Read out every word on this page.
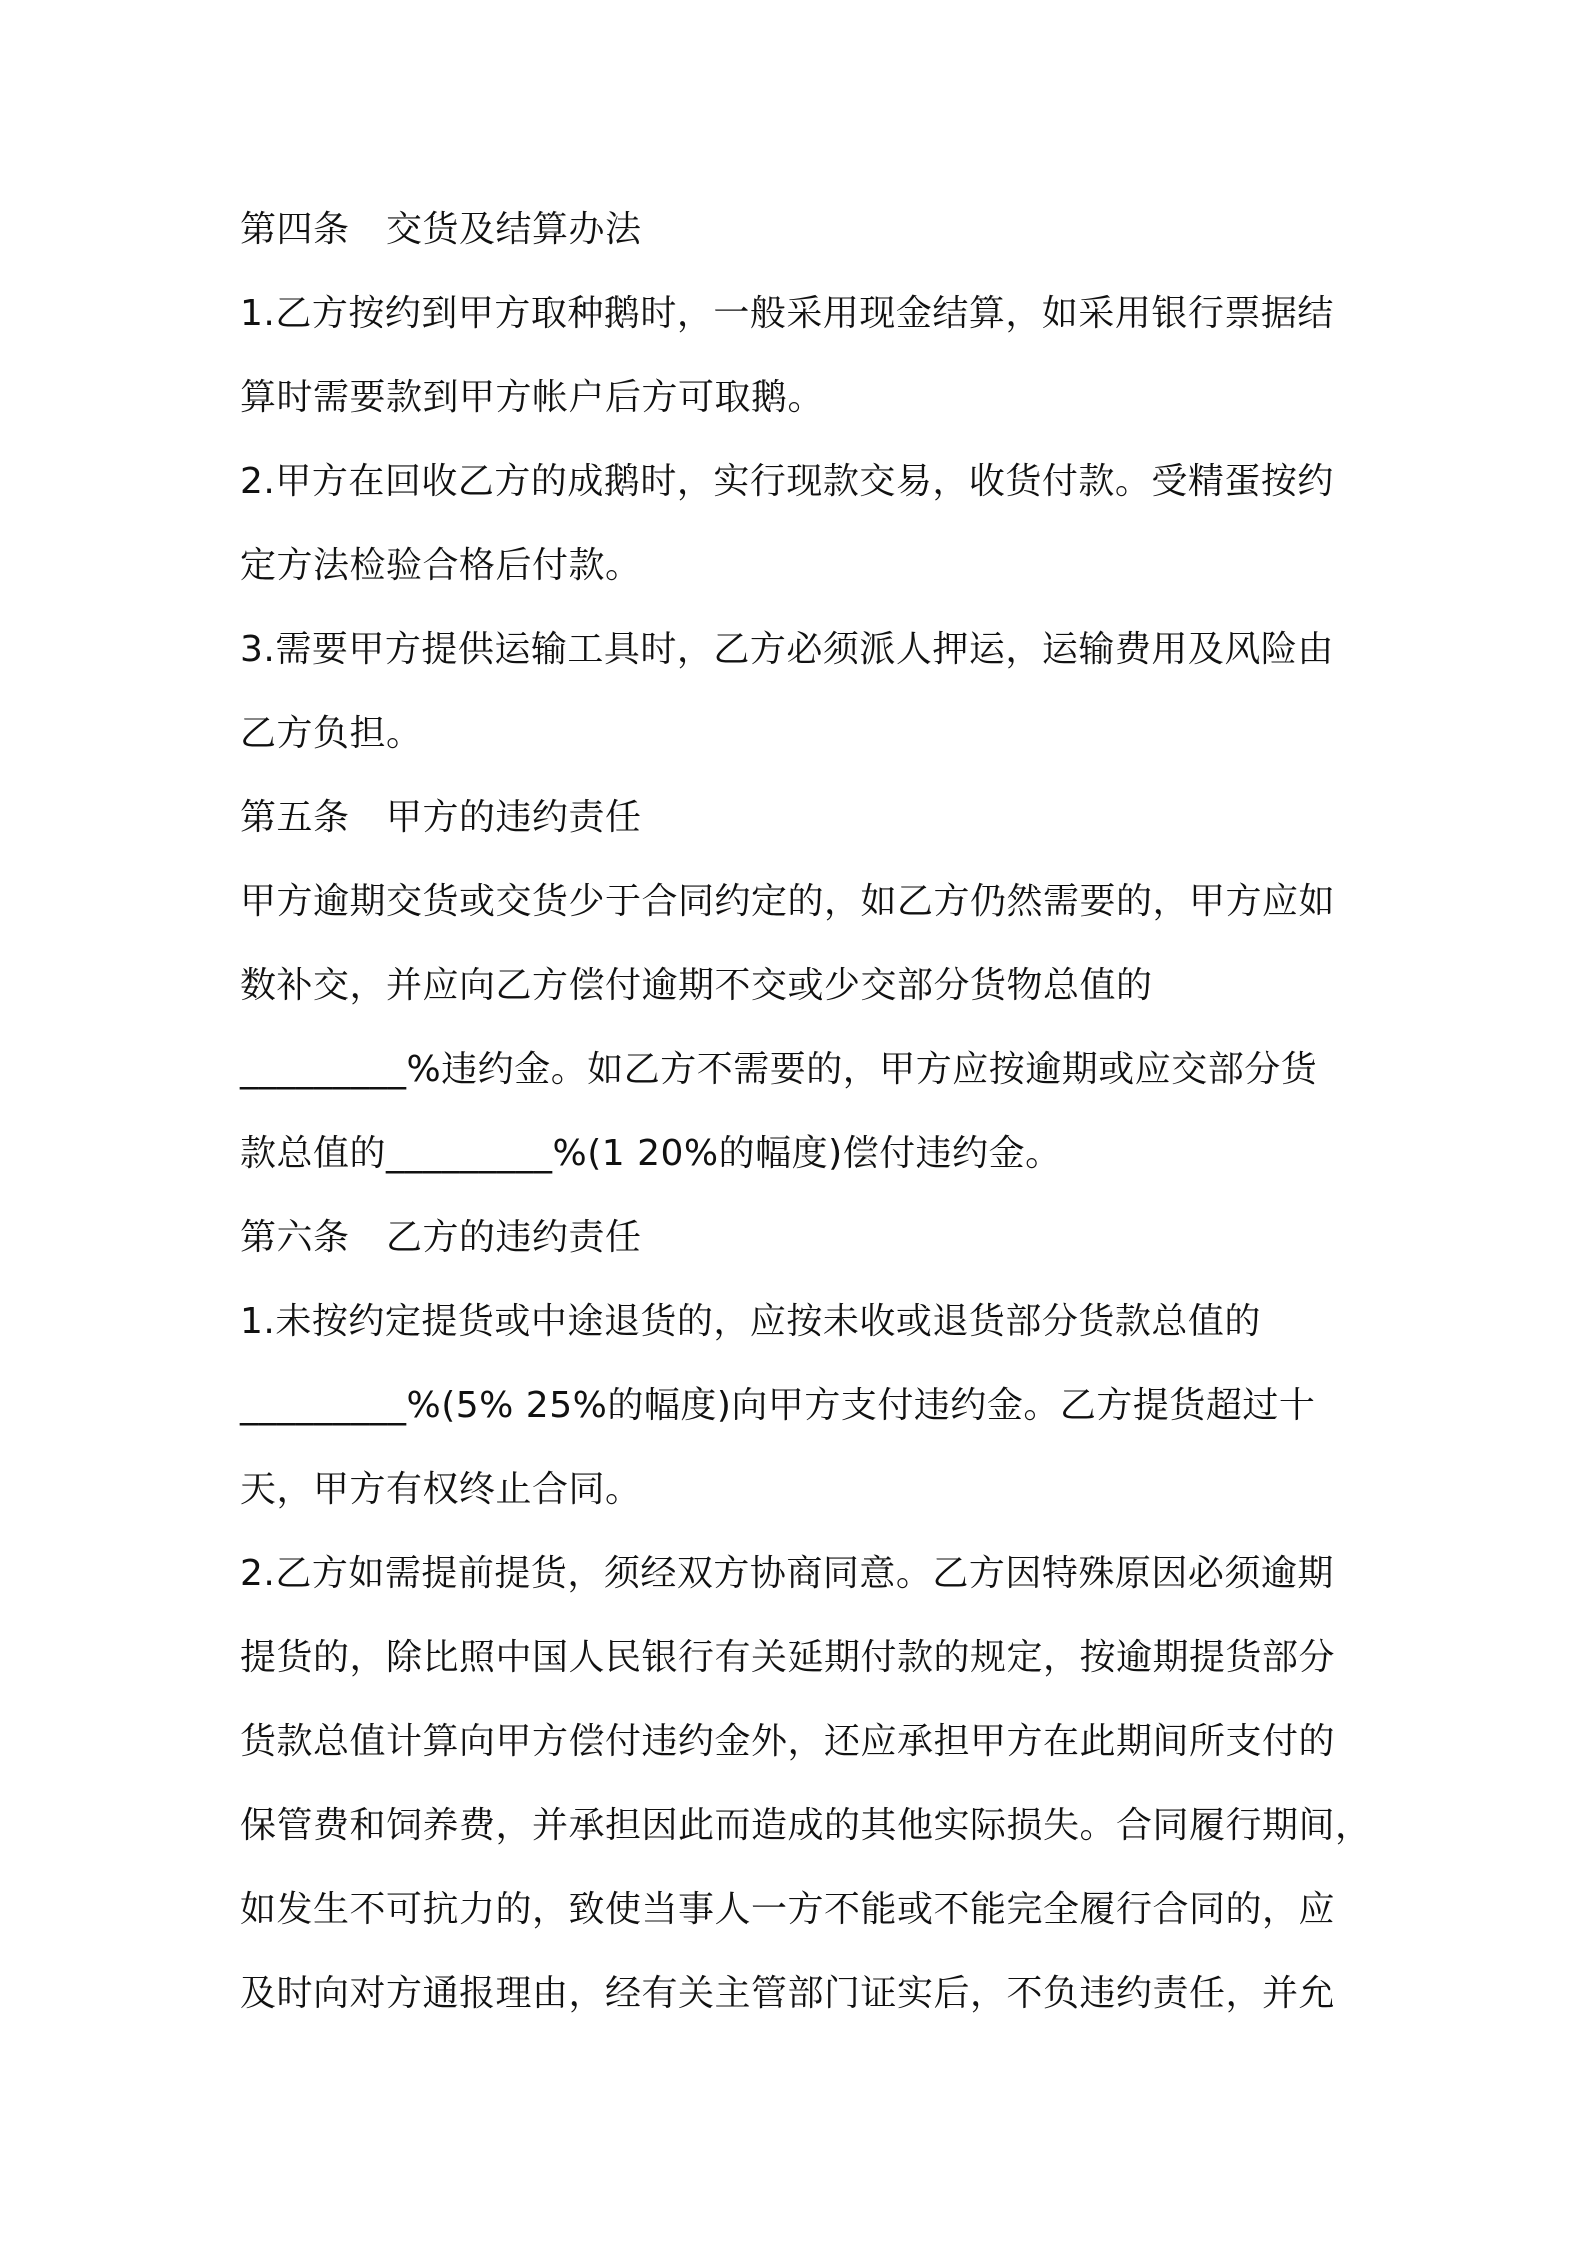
第四条　交货及结算办法
1.乙方按约到甲方取种鹅时，一般采用现金结算，如采用银行票据结
算时需要款到甲方帐户后方可取鹅。
2.甲方在回收乙方的成鹅时，实行现款交易，收货付款。受精蛋按约
定方法检验合格后付款。
3.需要甲方提供运输工具时，乙方必须派人押运，运输费用及风险由
乙方负担。
第五条　甲方的违约责任
甲方逾期交货或交货少于合同约定的，如乙方仍然需要的，甲方应如
数补交，并应向乙方偿付逾期不交或少交部分货物总值的
_________%违约金。如乙方不需要的，甲方应按逾期或应交部分货
款总值的_________%(1 20%的幅度)偿付违约金。
第六条　乙方的违约责任
1.未按约定提货或中途退货的，应按未收或退货部分货款总值的
_________%(5% 25%的幅度)向甲方支付违约金。乙方提货超过十
天，甲方有权终止合同。
2.乙方如需提前提货，须经双方协商同意。乙方因特殊原因必须逾期
提货的，除比照中国人民银行有关延期付款的规定，按逾期提货部分
货款总值计算向甲方偿付违约金外，还应承担甲方在此期间所支付的
保管费和饲养费，并承担因此而造成的其他实际损失。合同履行期间，
如发生不可抗力的，致使当事人一方不能或不能完全履行合同的，应
及时向对方通报理由，经有关主管部门证实后，不负违约责任，并允
